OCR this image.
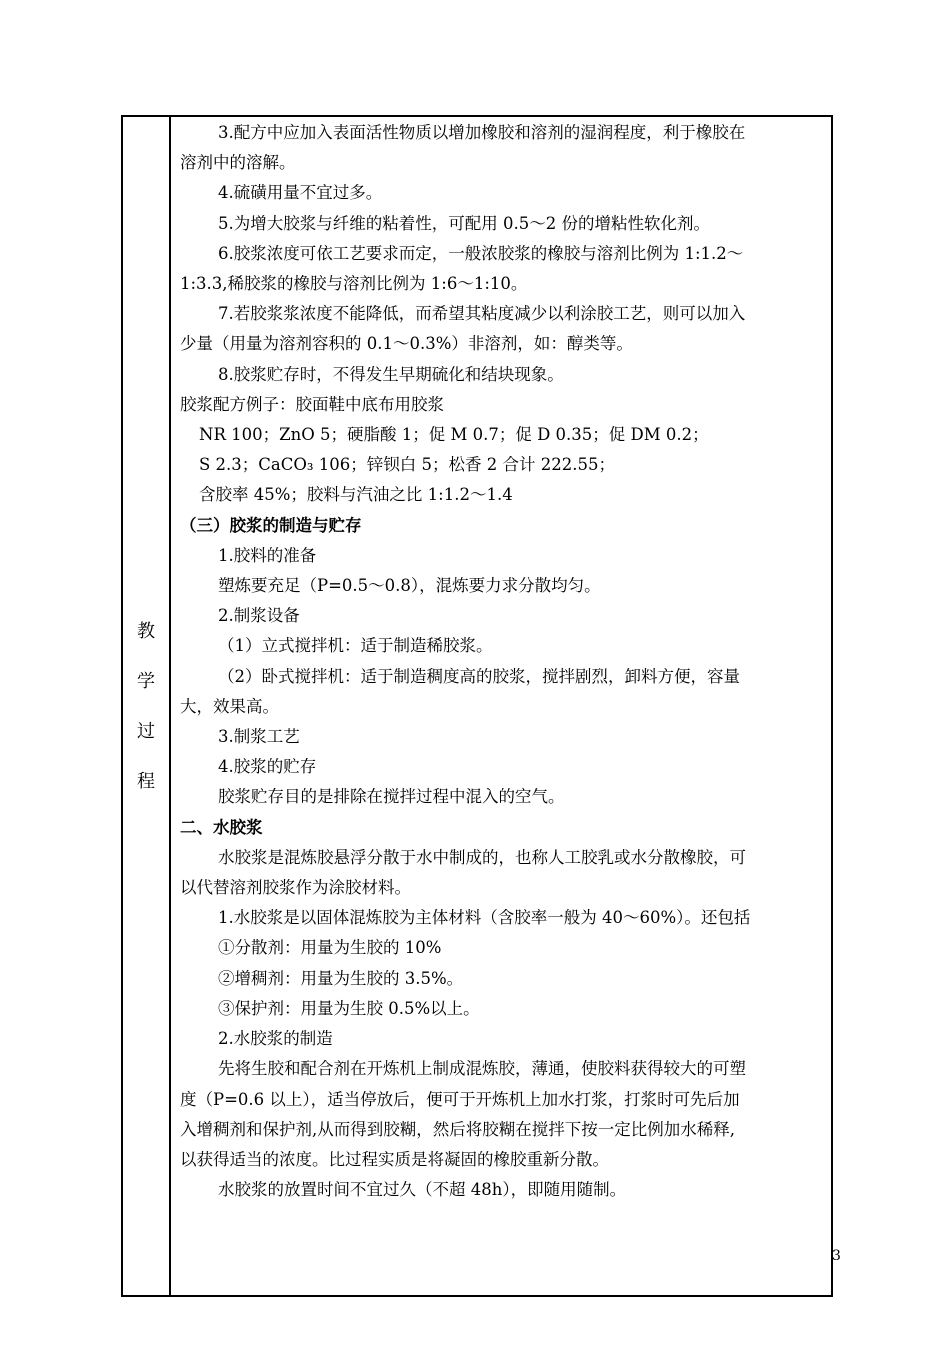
教
学
过
程

3.配方中应加入表面活性物质以增加橡胶和溶剂的湿润程度，利于橡胶在

溶剂中的溶解。

4.硫磺用量不宜过多。

5.为增大胶浆与纤维的粘着性，可配用 0.5～2 份的增粘性软化剂。

6.胶浆浓度可依工艺要求而定，一般浓胶浆的橡胶与溶剂比例为 1:1.2～

1:3.3,稀胶浆的橡胶与溶剂比例为 1:6～1:10。

7.若胶浆浆浓度不能降低，而希望其粘度减少以利涂胶工艺，则可以加入

少量（用量为溶剂容积的 0.1～0.3%）非溶剂，如：醇类等。

8.胶浆贮存时，不得发生早期硫化和结块现象。

胶浆配方例子：胶面鞋中底布用胶浆

NR 100；ZnO 5；硬脂酸 1；促 M 0.7；促 D 0.35；促 DM 0.2；

S 2.3；CaCO₃ 106；锌钡白 5；松香 2 合计 222.55；

含胶率 45%；胶料与汽油之比 1:1.2～1.4

（三）胶浆的制造与贮存

1.胶料的准备

塑炼要充足（P=0.5～0.8），混炼要力求分散均匀。

2.制浆设备

（1）立式搅拌机：适于制造稀胶浆。

（2）卧式搅拌机：适于制造稠度高的胶浆，搅拌剧烈，卸料方便，容量

大，效果高。

3.制浆工艺

4.胶浆的贮存

胶浆贮存目的是排除在搅拌过程中混入的空气。

二、水胶浆

水胶浆是混炼胶悬浮分散于水中制成的，也称人工胶乳或水分散橡胶，可

以代替溶剂胶浆作为涂胶材料。

1.水胶浆是以固体混炼胶为主体材料（含胶率一般为 40～60%）。还包括

①分散剂：用量为生胶的 10%

②增稠剂：用量为生胶的 3.5%。

③保护剂：用量为生胶 0.5%以上。

2.水胶浆的制造

先将生胶和配合剂在开炼机上制成混炼胶，薄通，使胶料获得较大的可塑

度（P=0.6 以上），适当停放后，便可于开炼机上加水打浆，打浆时可先后加

入增稠剂和保护剂,从而得到胶糊，然后将胶糊在搅拌下按一定比例加水稀释,

以获得适当的浓度。比过程实质是将凝固的橡胶重新分散。

水胶浆的放置时间不宜过久（不超 48h），即随用随制。

3
